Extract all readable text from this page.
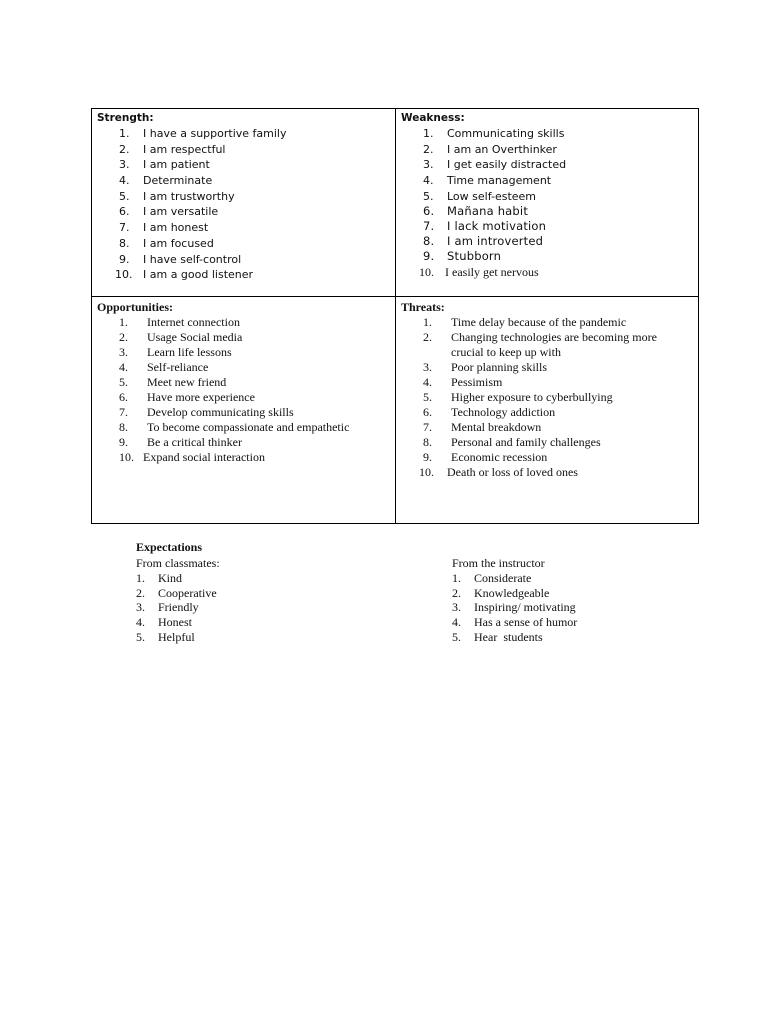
Strength:
1.	I have a supportive family
2.	I am respectful
3.	I am patient
4.	Determinate
5.	I am trustworthy
6.	I am versatile
7.	I am honest
8.	I am focused
9.	I have self-control
10. I am a good listener
Weakness:
1.	Communicating skills
2.	I am an Overthinker
3.	I get easily distracted
4.	Time management
5.	Low self-esteem
6.	Mañana habit
7.	I lack motivation
8.	I am introverted
9.	Stubborn
10. I easily get nervous
Opportunities:
1.	Internet connection
2.	Usage Social media
3.	Learn life lessons
4.	Self-reliance
5.	Meet new friend
6.	Have more experience
7.	Develop communicating skills
8.	To become compassionate and empathetic
9.	Be a critical thinker
10. Expand social interaction
Threats:
1.	Time delay because of the pandemic
2.	Changing technologies are becoming more crucial to keep up with
3.	Poor planning skills
4.	Pessimism
5.	Higher exposure to cyberbullying
6.	Technology addiction
7.	Mental breakdown
8.	Personal and family challenges
9.	Economic recession
10.	Death or loss of loved ones
Expectations
From classmates:
1.	Kind
2.	Cooperative
3.	Friendly
4.	Honest
5.	Helpful
From the instructor
1.	Considerate
2.	Knowledgeable
3.	Inspiring/ motivating
4.	Has a sense of humor
5.	Hear  students
